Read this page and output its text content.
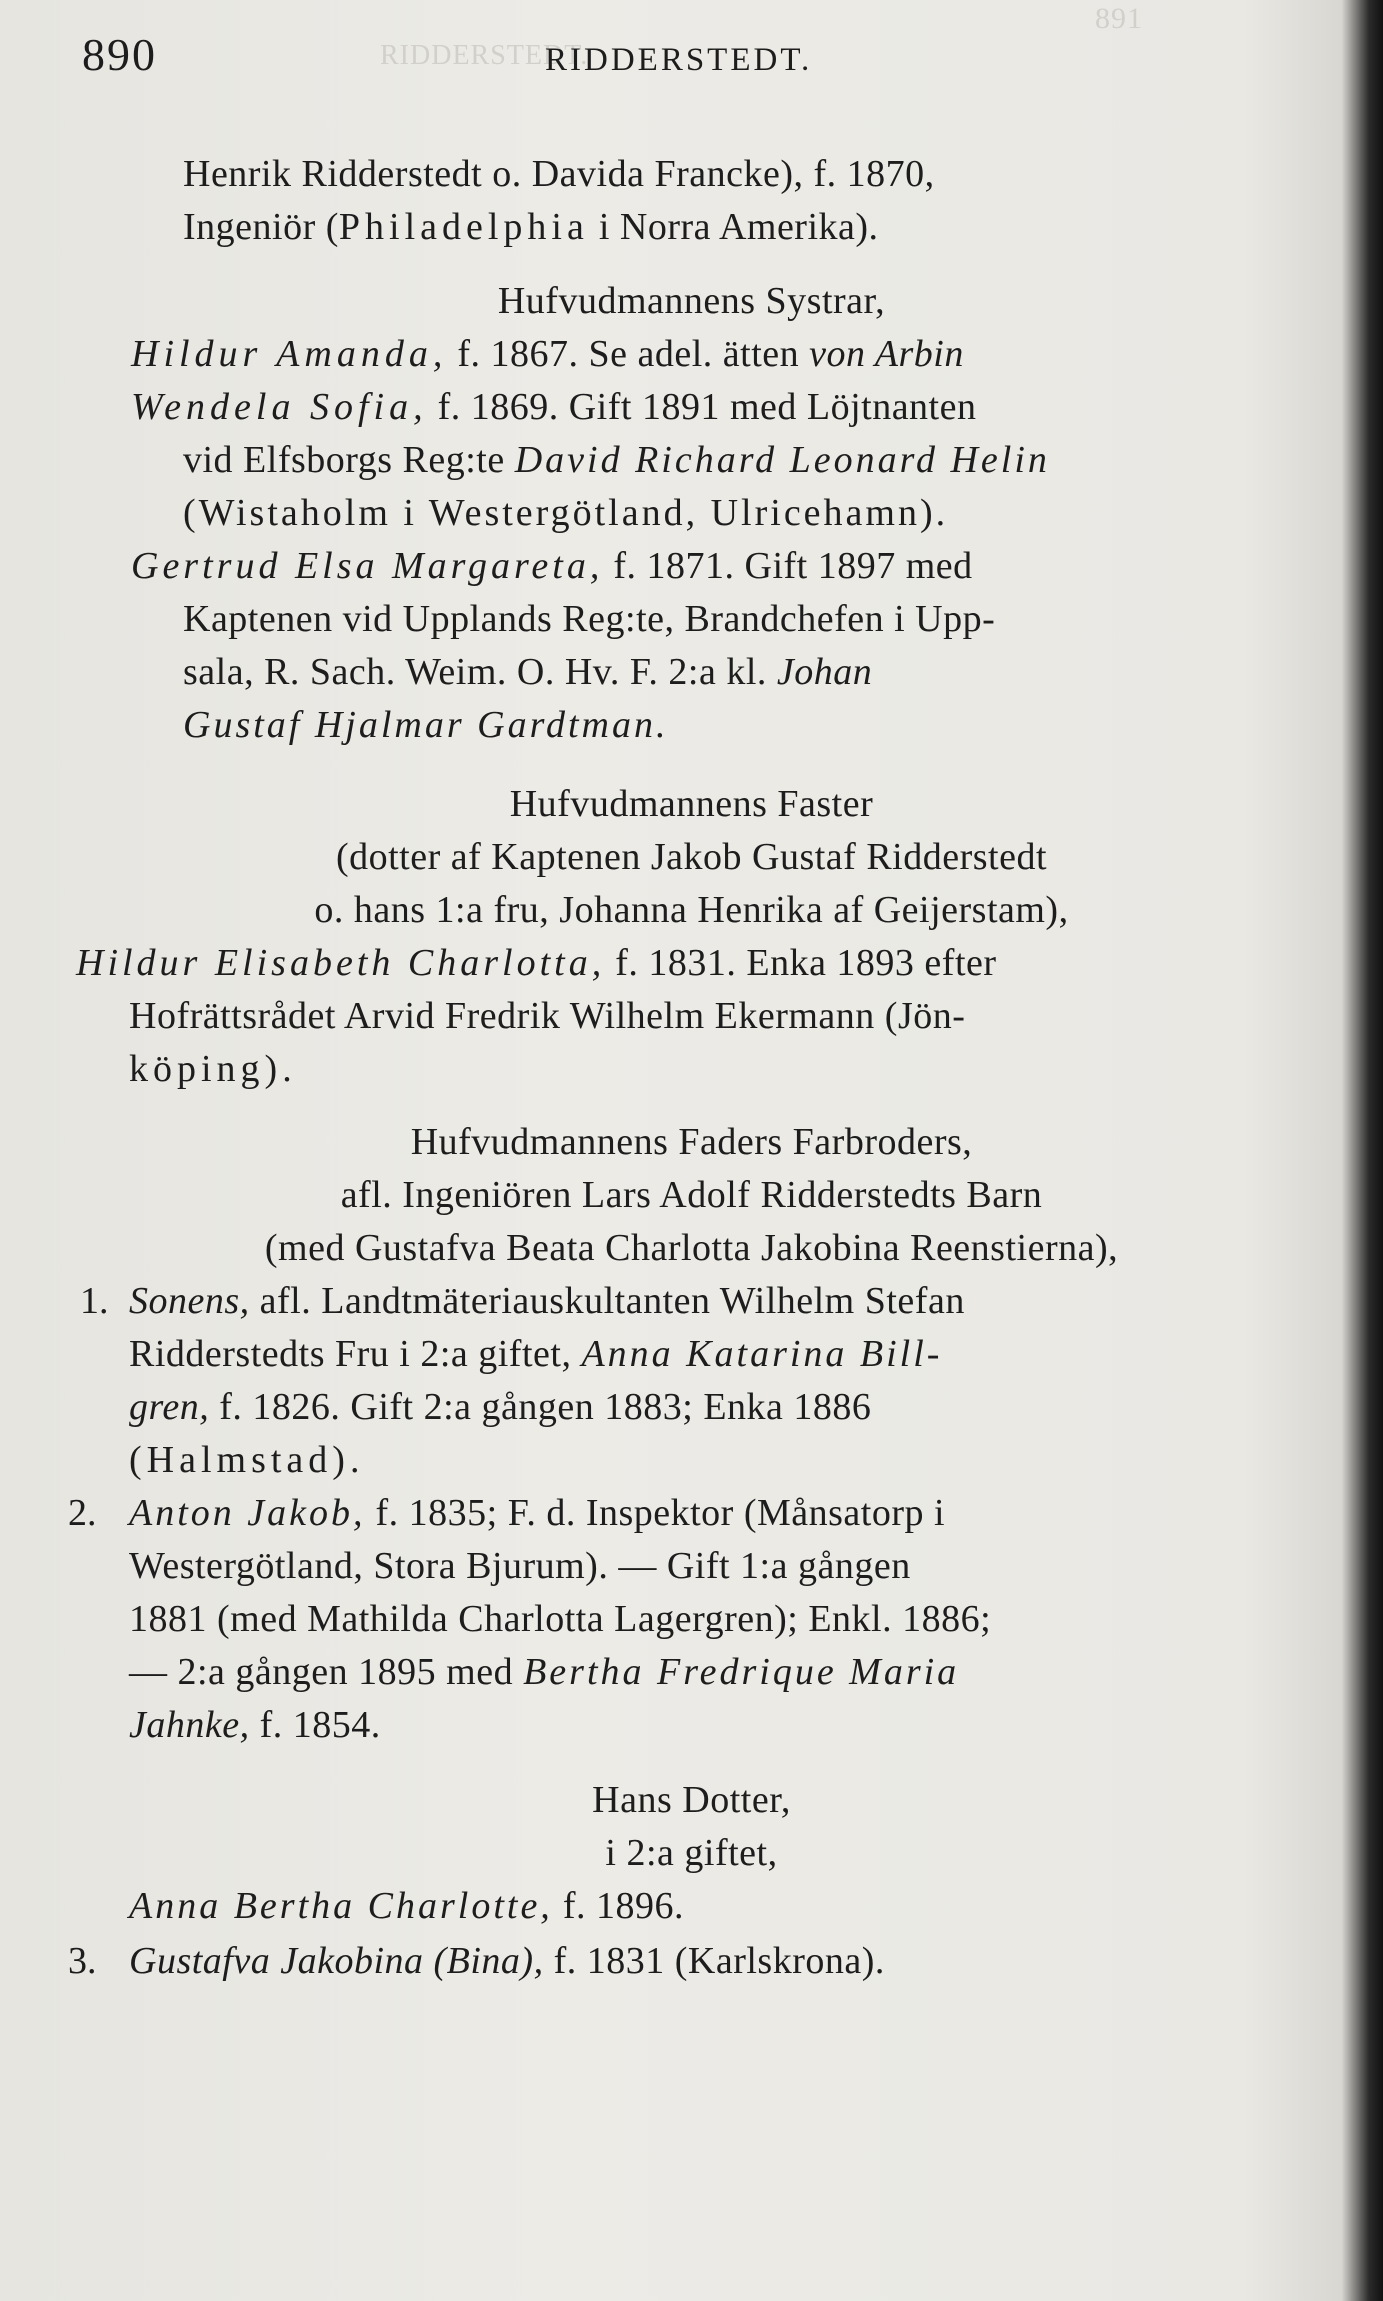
891
RIDDERSTEDT.
890	RIDDERSTEDT.
Henrik Ridderstedt o. Davida Francke), f. 1870,
Ingeniör (Philadelphia i Norra Amerika).
Hufvudmannens Systrar,
Hildur Amanda, f. 1867. Se adel. ätten von Arbin
Wendela Sofia, f. 1869. Gift 1891 med Löjtnanten
vid Elfsborgs Reg:te David Richard Leonard Helin
(Wistaholm i Westergötland, Ulricehamn).
Gertrud Elsa Margareta, f. 1871. Gift 1897 med
Kaptenen vid Upplands Reg:te, Brandchefen i Upp-
sala, R. Sach. Weim. O. Hv. F. 2:a kl. Johan
Gustaf Hjalmar Gardtman.
Hufvudmannens Faster
(dotter af Kaptenen Jakob Gustaf Ridderstedt
o. hans 1:a fru, Johanna Henrika af Geijerstam),
Hildur Elisabeth Charlotta, f. 1831. Enka 1893 efter
Hofrättsrådet Arvid Fredrik Wilhelm Ekermann (Jön-
köping).
Hufvudmannens Faders Farbroders,
afl. Ingeniören Lars Adolf Ridderstedts Barn
(med Gustafva Beata Charlotta Jakobina Reenstierna),
1. Sonens, afl. Landtmäteriauskultanten Wilhelm Stefan
Ridderstedts Fru i 2:a giftet, Anna Katarina Bill-
gren, f. 1826. Gift 2:a gången 1883; Enka 1886
(Halmstad).
2. Anton Jakob, f. 1835; F. d. Inspektor (Månsatorp i
Westergötland, Stora Bjurum). — Gift 1:a gången
1881 (med Mathilda Charlotta Lagergren); Enkl. 1886;
— 2:a gången 1895 med Bertha Fredrique Maria
Jahnke, f. 1854.
Hans Dotter,
i 2:a giftet,
Anna Bertha Charlotte, f. 1896.
3. Gustafva Jakobina (Bina), f. 1831 (Karlskrona).
